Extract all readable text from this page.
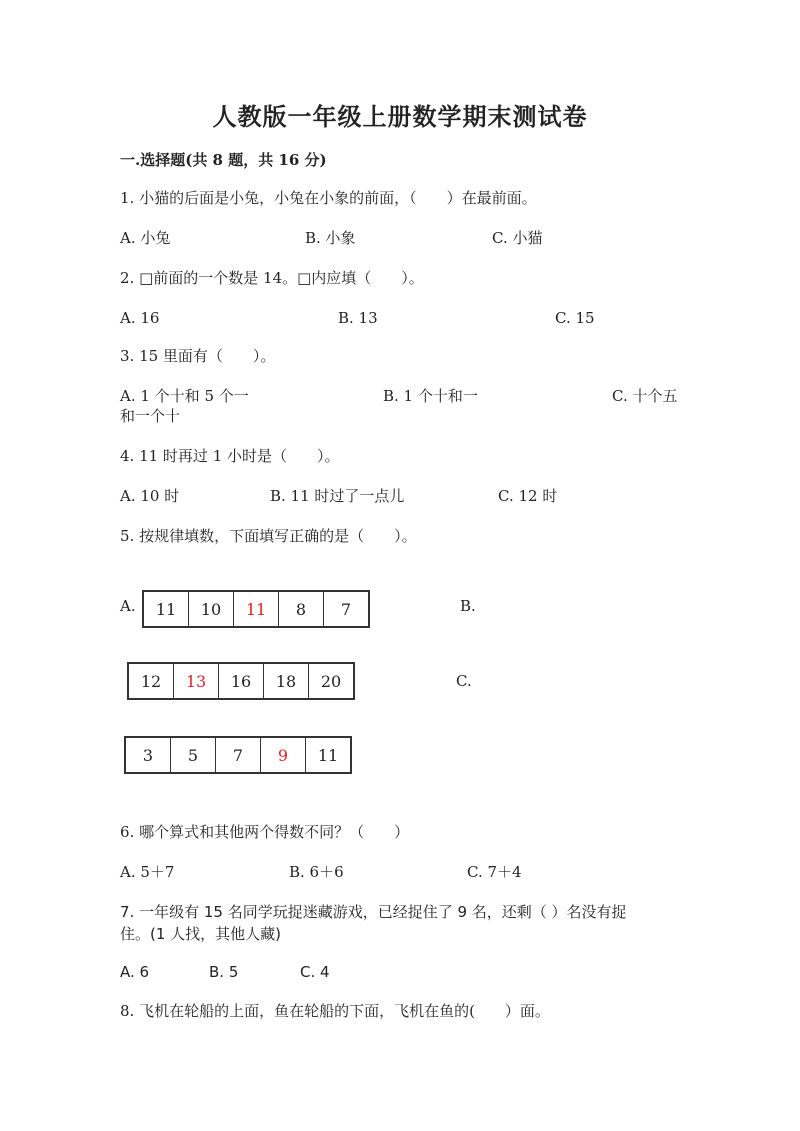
人教版一年级上册数学期末测试卷
一.选择题(共 8 题，共 16 分)
1. 小猫的后面是小兔，小兔在小象的前面，（　　）在最前面。
A. 小兔	B. 小象	C. 小猫
2. □前面的一个数是 14。□内应填（　　）。
A. 16	B. 13	C. 15
3. 15 里面有（　　）。
A. 1 个十和 5 个一	B. 1 个十和一	C. 十个五
和一个十
4. 11 时再过 1 小时是（　　）。
A. 10 时	B. 11 时过了一点儿	C. 12 时
5. 按规律填数，下面填写正确的是（　　）。
A.	B.
C.
11	10	11	8	7
12	13	16	18	20
3	5	7	9	11
6. 哪个算式和其他两个得数不同？（　　）
A. 5＋7	B. 6＋6	C. 7＋4
7. 一年级有 15 名同学玩捉迷藏游戏，已经捉住了 9 名，还剩（ ）名没有捉
住。(1 人找，其他人藏)
A. 6	B. 5	C. 4
8. 飞机在轮船的上面，鱼在轮船的下面，飞机在鱼的(　　）面。
